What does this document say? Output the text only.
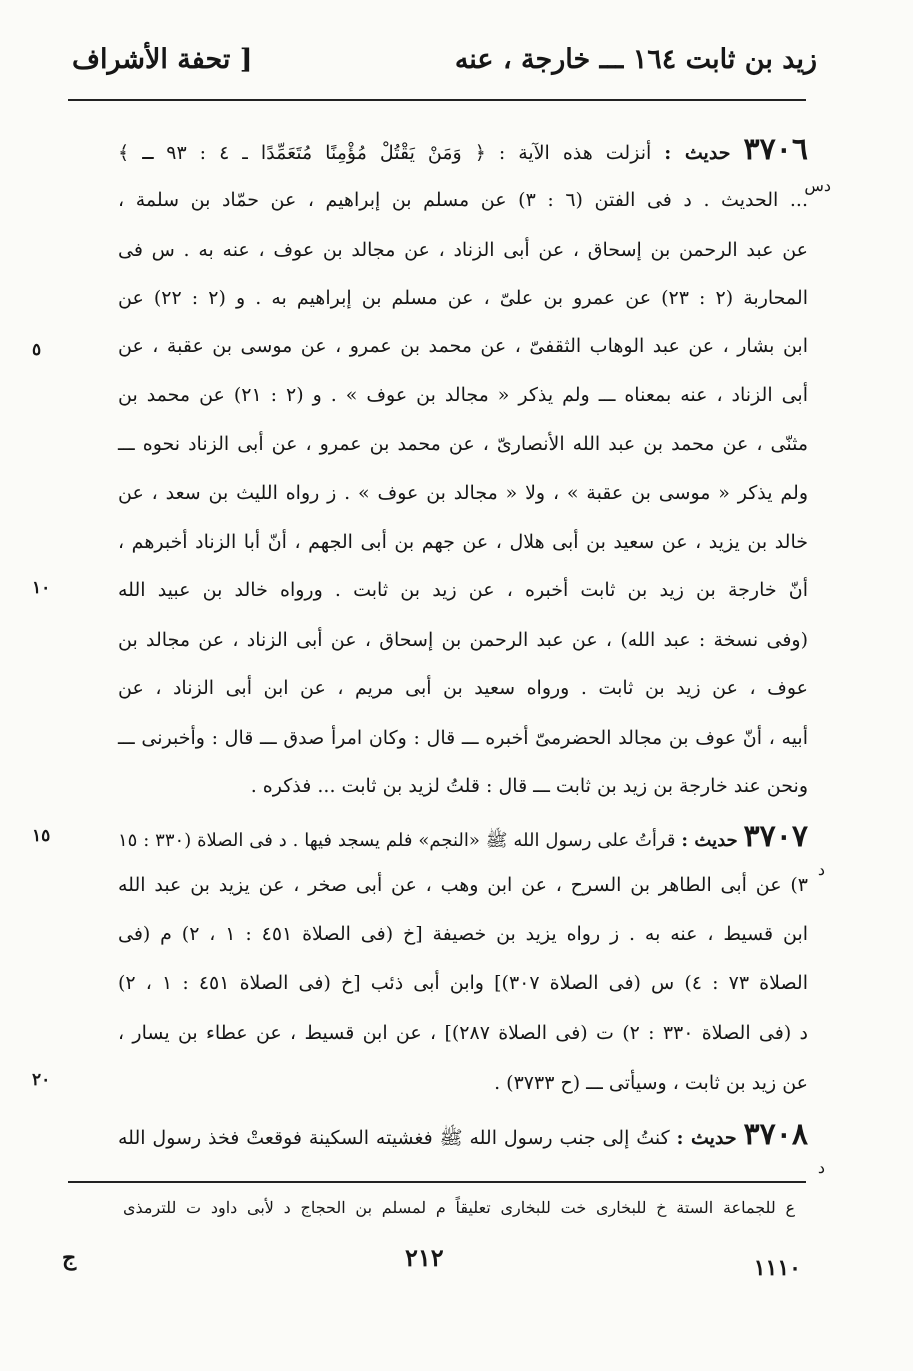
زيد بن ثابت ١٦٤ ـــ خارجة ، عنه
[ تحفة الأشراف
٣٧٠٦ حديث : أنزلت هذه الآية : ﴿ وَمَنْ يَقْتُلْ مُؤْمِنًا مُتَعَمِّدًا ـ ٤ : ٩٣ ـ ﴾
... الحديث . د فى الفتن (٦ : ٣) عن مسلم بن إبراهيم ، عن حمّاد بن سلمة ،
عن عبد الرحمن بن إسحاق ، عن أبى الزناد ، عن مجالد بن عوف ، عنه به . س فى
المحاربة (٢ : ٢٣) عن عمرو بن علىّ ، عن مسلم بن إبراهيم به . و (٢ : ٢٢) عن
ابن بشار ، عن عبد الوهاب الثقفىّ ، عن محمد بن عمرو ، عن موسى بن عقبة ، عن
أبى الزناد ، عنه بمعناه ـــ ولم يذكر « مجالد بن عوف » . و (٢ : ٢١) عن محمد بن
مثنّى ، عن محمد بن عبد الله الأنصارىّ ، عن محمد بن عمرو ، عن أبى الزناد نحوه ـــ
ولم يذكر « موسى بن عقبة » ، ولا « مجالد بن عوف » . ز رواه الليث بن سعد ، عن
خالد بن يزيد ، عن سعيد بن أبى هلال ، عن جهم بن أبى الجهم ، أنّ أبا الزناد أخبرهم ،
أنّ خارجة بن زيد بن ثابت أخبره ، عن زيد بن ثابت . ورواه خالد بن عبيد الله
(وفى نسخة : عبد الله) ، عن عبد الرحمن بن إسحاق ، عن أبى الزناد ، عن مجالد بن
عوف ، عن زيد بن ثابت . ورواه سعيد بن أبى مريم ، عن ابن أبى الزناد ، عن
أبيه ، أنّ عوف بن مجالد الحضرمىّ أخبره ـــ قال : وكان امرأ صدق ـــ قال : وأخبرنى ـــ
ونحن عند خارجة بن زيد بن ثابت ـــ قال : قلتُ لزيد بن ثابت ... فذكره .
٣٧٠٧ حديث : قرأتُ على رسول الله ﷺ «النجم» فلم يسجد فيها . د فى الصلاة (٣٣٠ : ١٥
٣) عن أبى الطاهر بن السرح ، عن ابن وهب ، عن أبى صخر ، عن يزيد بن عبد الله
ابن قسيط ، عنه به . ز رواه يزيد بن خصيفة [خ (فى الصلاة ٤٥١ : ١ ، ٢) م (فى
الصلاة ٧٣ : ٤) س (فى الصلاة ٣٠٧)] وابن أبى ذئب [خ (فى الصلاة ٤٥١ : ١ ، ٢)
د (فى الصلاة ٣٣٠ : ٢) ت (فى الصلاة ٢٨٧)] ، عن ابن قسيط ، عن عطاء بن يسار ،
عن زيد بن ثابت ، وسيأتى ـــ (ح ٣٧٣٣) .
٣٧٠٨ حديث : كنتُ إلى جنب رسول الله ﷺ فغشيته السكينة فوقعتْ فخذ رسول الله
٥
١٠
١٥
٢٠
دس
د
د
ع للجماعة الستة خ للبخارى خت للبخارى تعليقاً م لمسلم بن الحجاج د لأبى داود ت للترمذى
١١١٠
٢١٢
ج
